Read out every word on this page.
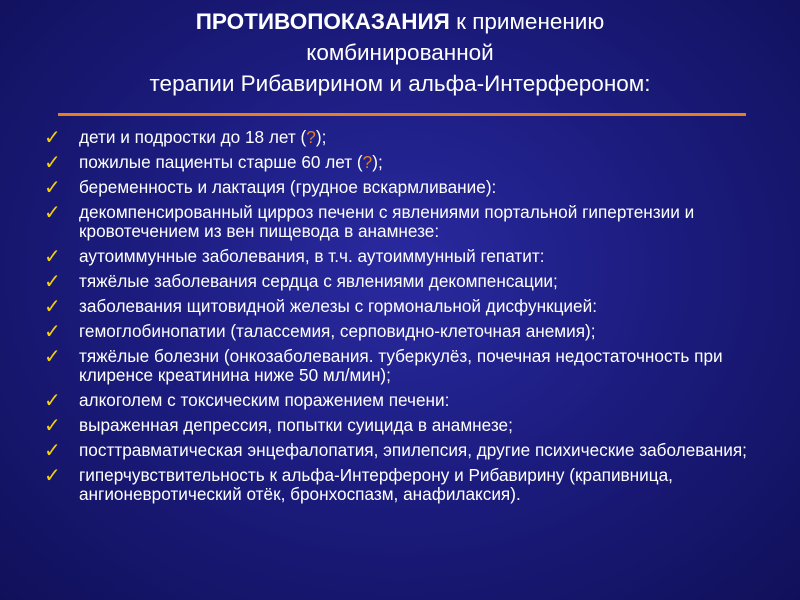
ПРОТИВОПОКАЗАНИЯ к применению
комбинированной
терапии Рибавирином и альфа-Интерфероном:
✓ дети и подростки до 18 лет (?);
✓ пожилые пациенты старше 60 лет (?);
✓ беременность и лактация (грудное вскармливание):
✓ декомпенсированный цирроз печени с явлениями портальной гипертензии и кровотечением из вен пищевода в анамнезе:
✓ аутоиммунные заболевания, в т.ч. аутоиммунный гепатит:
✓ тяжёлые заболевания сердца с явлениями декомпенсации;
✓ заболевания щитовидной железы с гормональной дисфункцией:
✓ гемоглобинопатии (талассемия, серповидно-клеточная анемия);
✓ тяжёлые болезни (онкозаболевания. туберкулёз, почечная недостаточность при клиренсе креатинина ниже 50 мл/мин);
✓ алкоголем с токсическим поражением печени:
✓ выраженная депрессия, попытки суицида в анамнезе;
✓ посттравматическая энцефалопатия, эпилепсия, другие психические заболевания;
✓ гиперчувствительность к альфа-Интерферону и Рибавирину (крапивница, ангионевротический отёк, бронхоспазм, анафилаксия).
